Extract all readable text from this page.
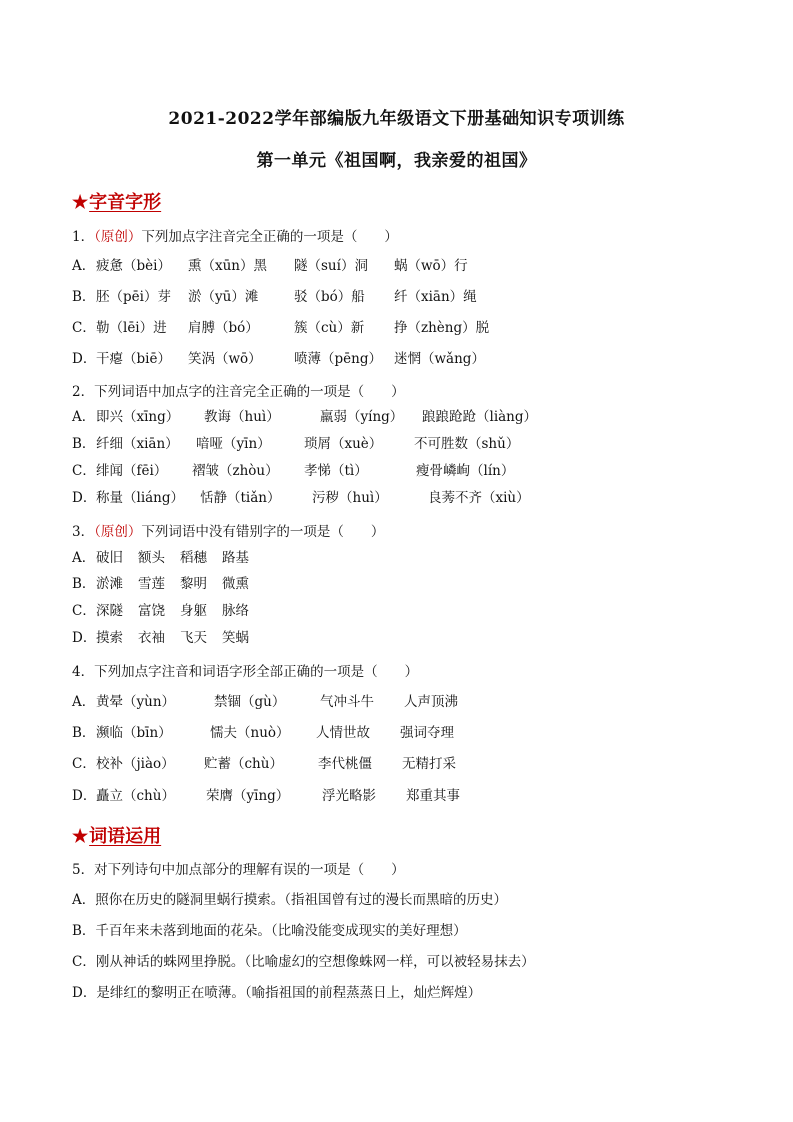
2021-2022学年部编版九年级语文下册基础知识专项训练
第一单元《祖国啊，我亲爱的祖国》
★字音字形
1．（原创）下列加点字注音完全正确的一项是（　　）
A． 疲惫（bèi） 熏（xūn）黑 隧（suí）洞 蜗（wō）行
B． 胚（pēi）芽 淤（yū）滩	驳（bó）船 纤（xiān）绳
C． 勒（lēi）进 肩膊（bó）	簇（cù）新 挣（zhèng）脱
D． 干瘪（biē） 笑涡（wō） 喷薄（pēng） 迷惘（wǎng）
2．下列词语中加点字的注音完全正确的一项是（　　）
A． 即兴（xīng） 教诲（huì）	羸弱（yíng） 踉踉跄跄（liàng）
B． 纤细（xiān） 喑哑（yīn） 琐屑（xuè） 不可胜数（shǔ）
C． 绯闻（fēi） 褶皱（zhòu） 孝悌（tì）	瘦骨嶙峋（lín）
D． 称量（liáng） 恬静（tiǎn） 污秽（huì）	良莠不齐（xiù）
3．（原创）下列词语中没有错别字的一项是（　　）
A． 破旧 额头 稻穗 路基
B． 淤滩 雪莲 黎明 微熏
C． 深隧 富饶 身躯 脉络
D． 摸索 衣袖 飞天 笑蜗
4．下列加点字注音和词语字形全部正确的一项是（　　）
A． 黄晕（yùn）	禁锢（gù）	气冲斗牛 人声顶沸
B． 濒临（bīn）	懦夫（nuò） 人情世故 强词夺理
C． 校补（jiào） 贮蓄（chù）	李代桃僵 无精打采
D． 矗立（chù） 荣膺（yīng） 浮光略影 郑重其事
★词语运用
5．对下列诗句中加点部分的理解有误的一项是（　　）
A．照你在历史的隧洞里蜗行摸索。（指祖国曾有过的漫长而黑暗的历史）
B．千百年来未落到地面的花朵。（比喻没能变成现实的美好理想）
C．刚从神话的蛛网里挣脱。（比喻虚幻的空想像蛛网一样，可以被轻易抹去）
D．是绯红的黎明正在喷薄。（喻指祖国的前程蒸蒸日上，灿烂辉煌）
